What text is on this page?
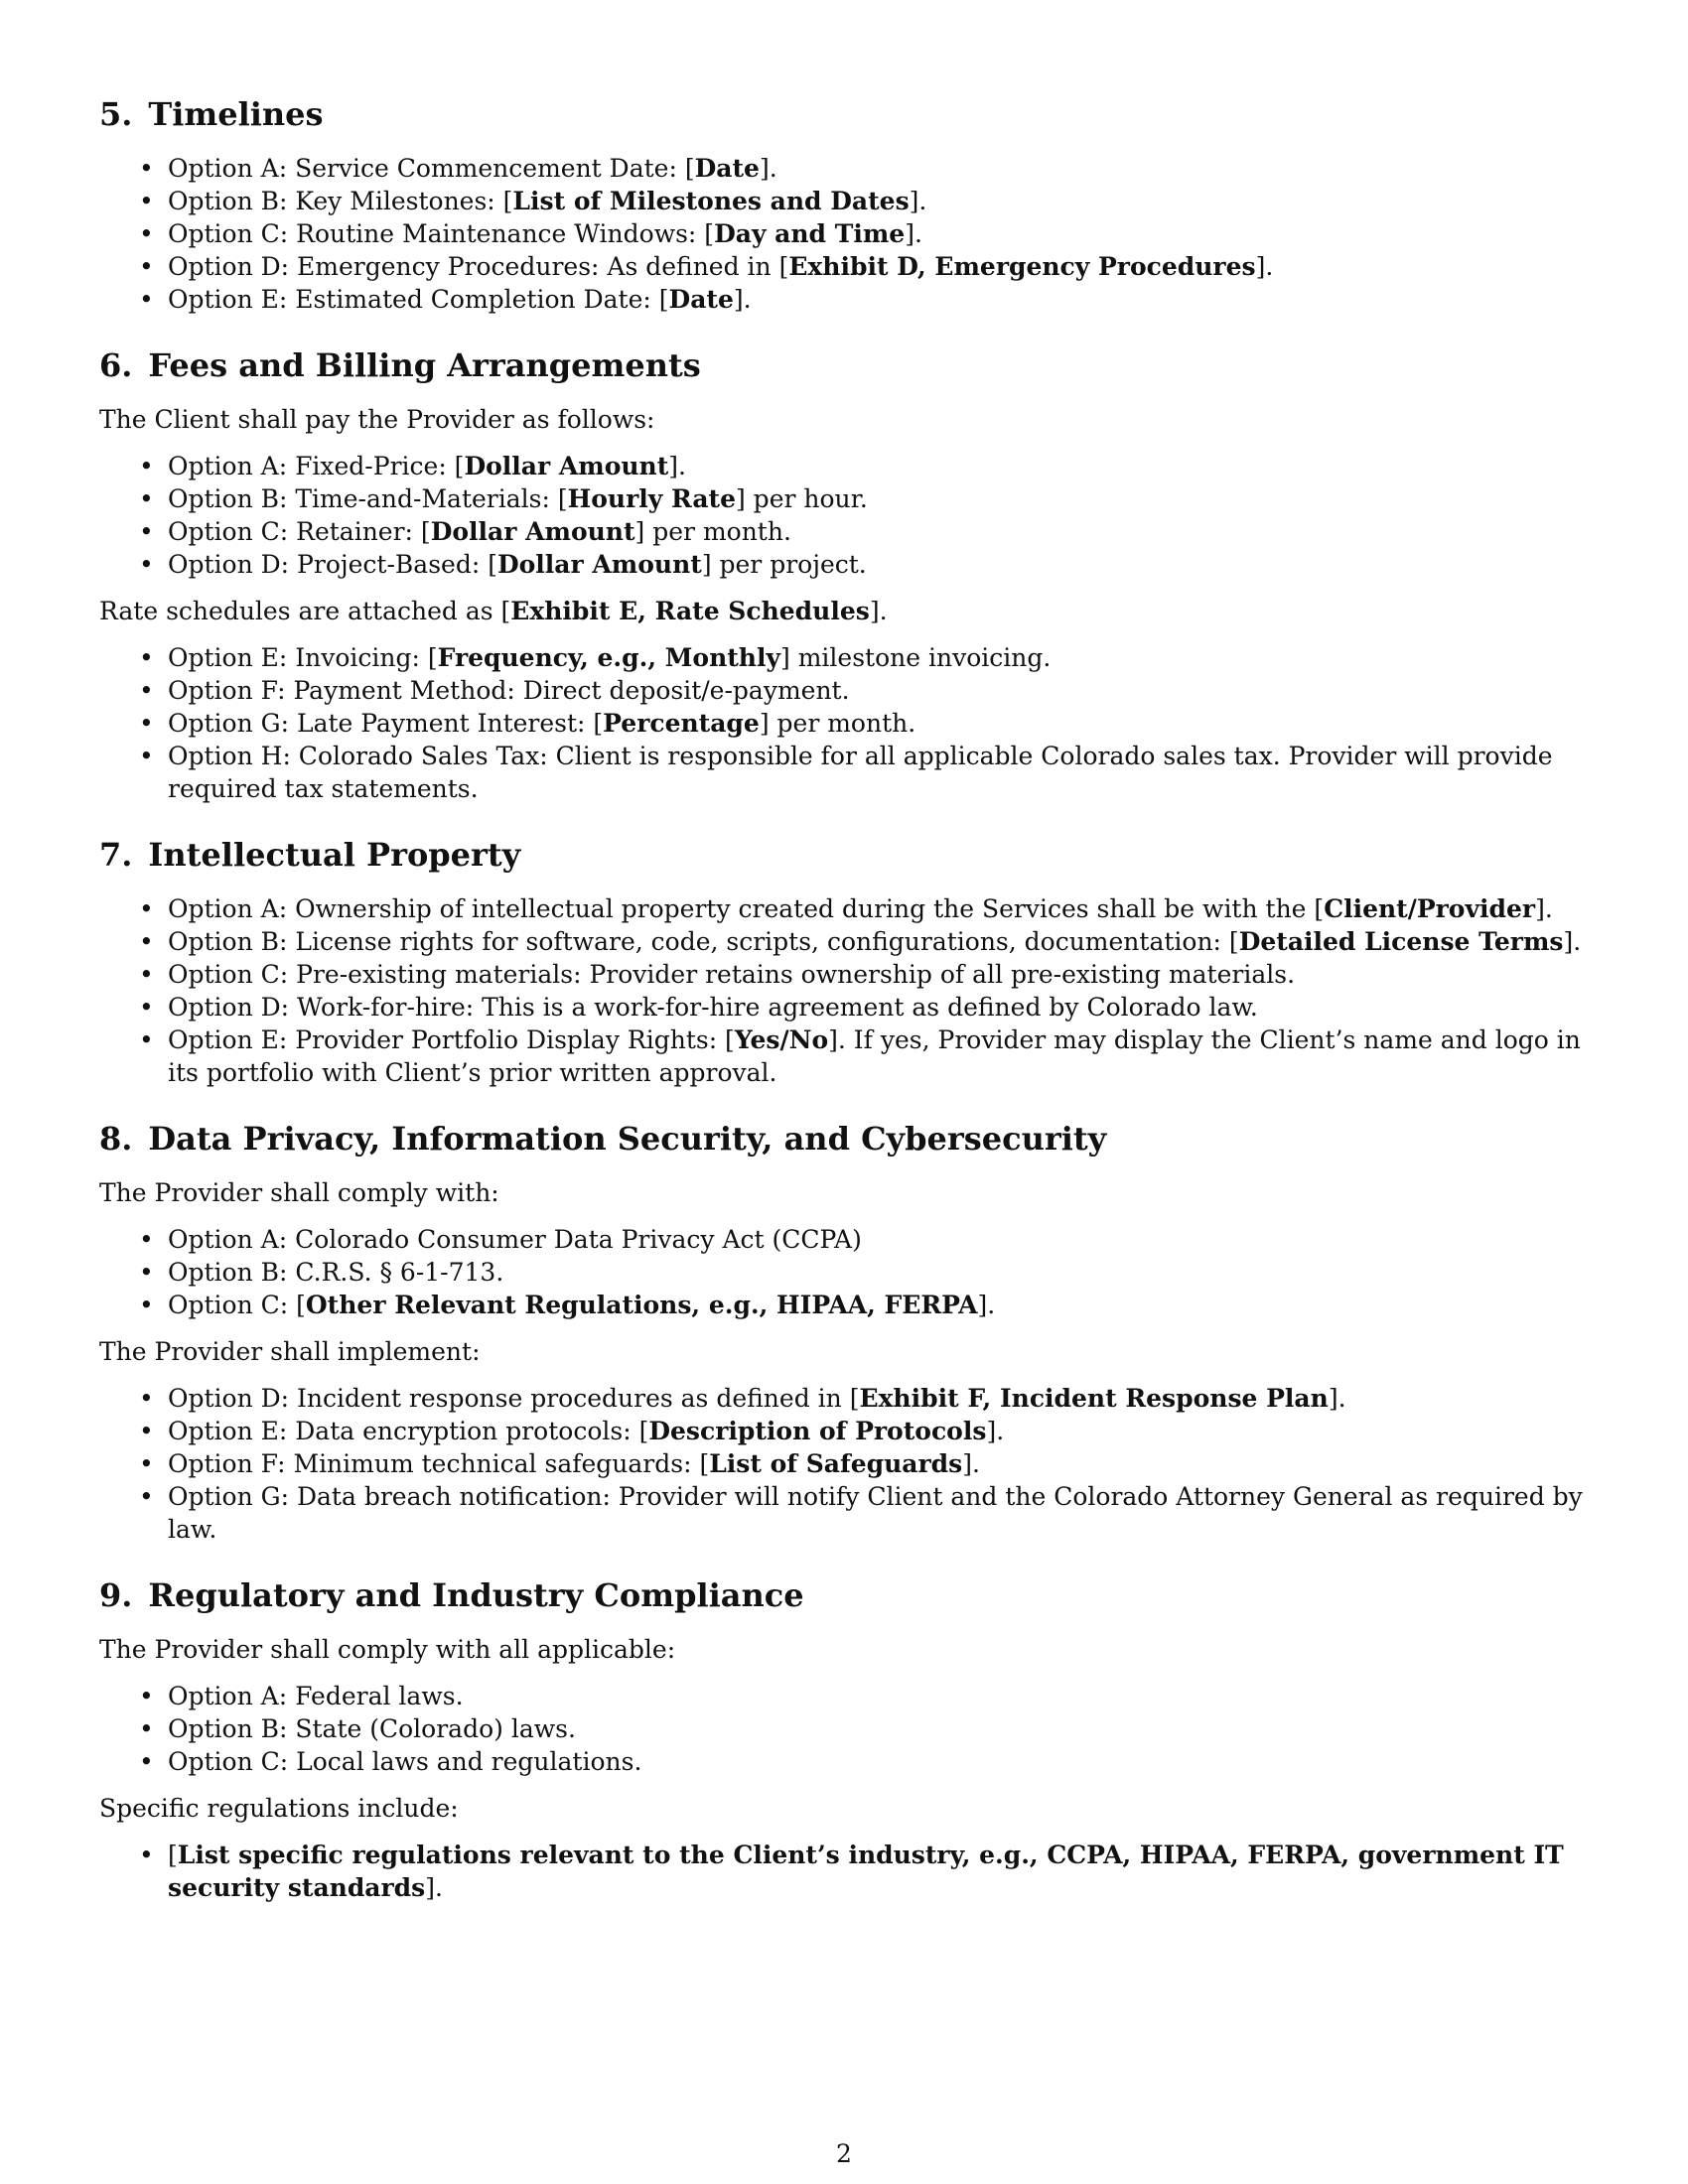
5. Timelines
• Option A: Service Commencement Date: [Date].
• Option B: Key Milestones: [List of Milestones and Dates].
• Option C: Routine Maintenance Windows: [Day and Time].
• Option D: Emergency Procedures: As defined in [Exhibit D, Emergency Procedures].
• Option E: Estimated Completion Date: [Date].
6. Fees and Billing Arrangements

The Client shall pay the Provider as follows:

• Option A: Fixed-Price: [Dollar Amount].
• Option B: Time-and-Materials: [Hourly Rate] per hour.
• Option C: Retainer: [Dollar Amount] per month.
• Option D: Project-Based: [Dollar Amount] per project.

Rate schedules are attached as [Exhibit E, Rate Schedules].

• Option E: Invoicing: [Frequency, e.g., Monthly] milestone invoicing.
• Option F: Payment Method: Direct deposit/e-payment.
• Option G: Late Payment Interest: [Percentage] per month.
• Option H: Colorado Sales Tax: Client is responsible for all applicable Colorado sales tax. Provider will provide required tax statements.
7. Intellectual Property
• Option A: Ownership of intellectual property created during the Services shall be with the [Client/Provider].
• Option B: License rights for software, code, scripts, configurations, documentation: [Detailed License Terms].
• Option C: Pre-existing materials: Provider retains ownership of all pre-existing materials.
• Option D: Work-for-hire: This is a work-for-hire agreement as defined by Colorado law.
• Option E: Provider Portfolio Display Rights: [Yes/No]. If yes, Provider may display the Client’s name and logo in its portfolio with Client’s prior written approval.
8. Data Privacy, Information Security, and Cybersecurity

The Provider shall comply with:

• Option A: Colorado Consumer Data Privacy Act (CCPA)
• Option B: C.R.S. § 6-1-713.
• Option C: [Other Relevant Regulations, e.g., HIPAA, FERPA].

The Provider shall implement:

• Option D: Incident response procedures as defined in [Exhibit F, Incident Response Plan].
• Option E: Data encryption protocols: [Description of Protocols].
• Option F: Minimum technical safeguards: [List of Safeguards].
• Option G: Data breach notification: Provider will notify Client and the Colorado Attorney General as required by law.
9. Regulatory and Industry Compliance

The Provider shall comply with all applicable:

• Option A: Federal laws.
• Option B: State (Colorado) laws.
• Option C: Local laws and regulations.

Specific regulations include:

• [List specific regulations relevant to the Client’s industry, e.g., CCPA, HIPAA, FERPA, government IT security standards].
2
